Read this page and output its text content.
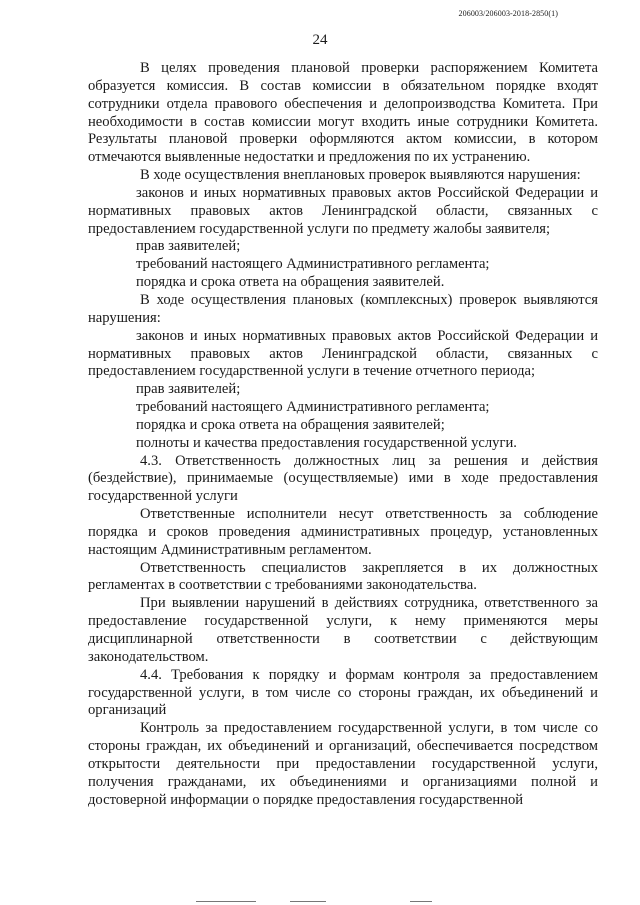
206003/206003-2018-2850(1)
24

В целях проведения плановой проверки распоряжением Комитета образуется комиссия. В состав комиссии в обязательном порядке входят сотрудники отдела правового обеспечения и делопроизводства Комитета. При необходимости в состав комиссии могут входить иные сотрудники Комитета. Результаты плановой проверки оформляются актом комиссии, в котором отмечаются выявленные недостатки и предложения по их устранению.

В ходе осуществления внеплановых проверок выявляются нарушения:

законов и иных нормативных правовых актов Российской Федерации и нормативных правовых актов Ленинградской области, связанных с предоставлением государственной услуги по предмету жалобы заявителя;

прав заявителей;

требований настоящего Административного регламента;

порядка и срока ответа на обращения заявителей.

В ходе осуществления плановых (комплексных) проверок выявляются нарушения:

законов и иных нормативных правовых актов Российской Федерации и нормативных правовых актов Ленинградской области, связанных с предоставлением государственной услуги в течение отчетного периода;

прав заявителей;

требований настоящего Административного регламента;

порядка и срока ответа на обращения заявителей;

полноты и качества предоставления государственной услуги.

4.3. Ответственность должностных лиц за решения и действия (бездействие), принимаемые (осуществляемые) ими в ходе предоставления государственной услуги

Ответственные исполнители несут ответственность за соблюдение порядка и сроков проведения административных процедур, установленных настоящим Административным регламентом.

Ответственность специалистов закрепляется в их должностных регламентах в соответствии с требованиями законодательства.

При выявлении нарушений в действиях сотрудника, ответственного за предоставление государственной услуги, к нему применяются меры дисциплинарной ответственности в соответствии с действующим законодательством.

4.4. Требования к порядку и формам контроля за предоставлением государственной услуги, в том числе со стороны граждан, их объединений и организаций

Контроль за предоставлением государственной услуги, в том числе со стороны граждан, их объединений и организаций, обеспечивается посредством открытости деятельности при предоставлении государственной услуги, получения гражданами, их объединениями и организациями полной и достоверной информации о порядке предоставления государственной
